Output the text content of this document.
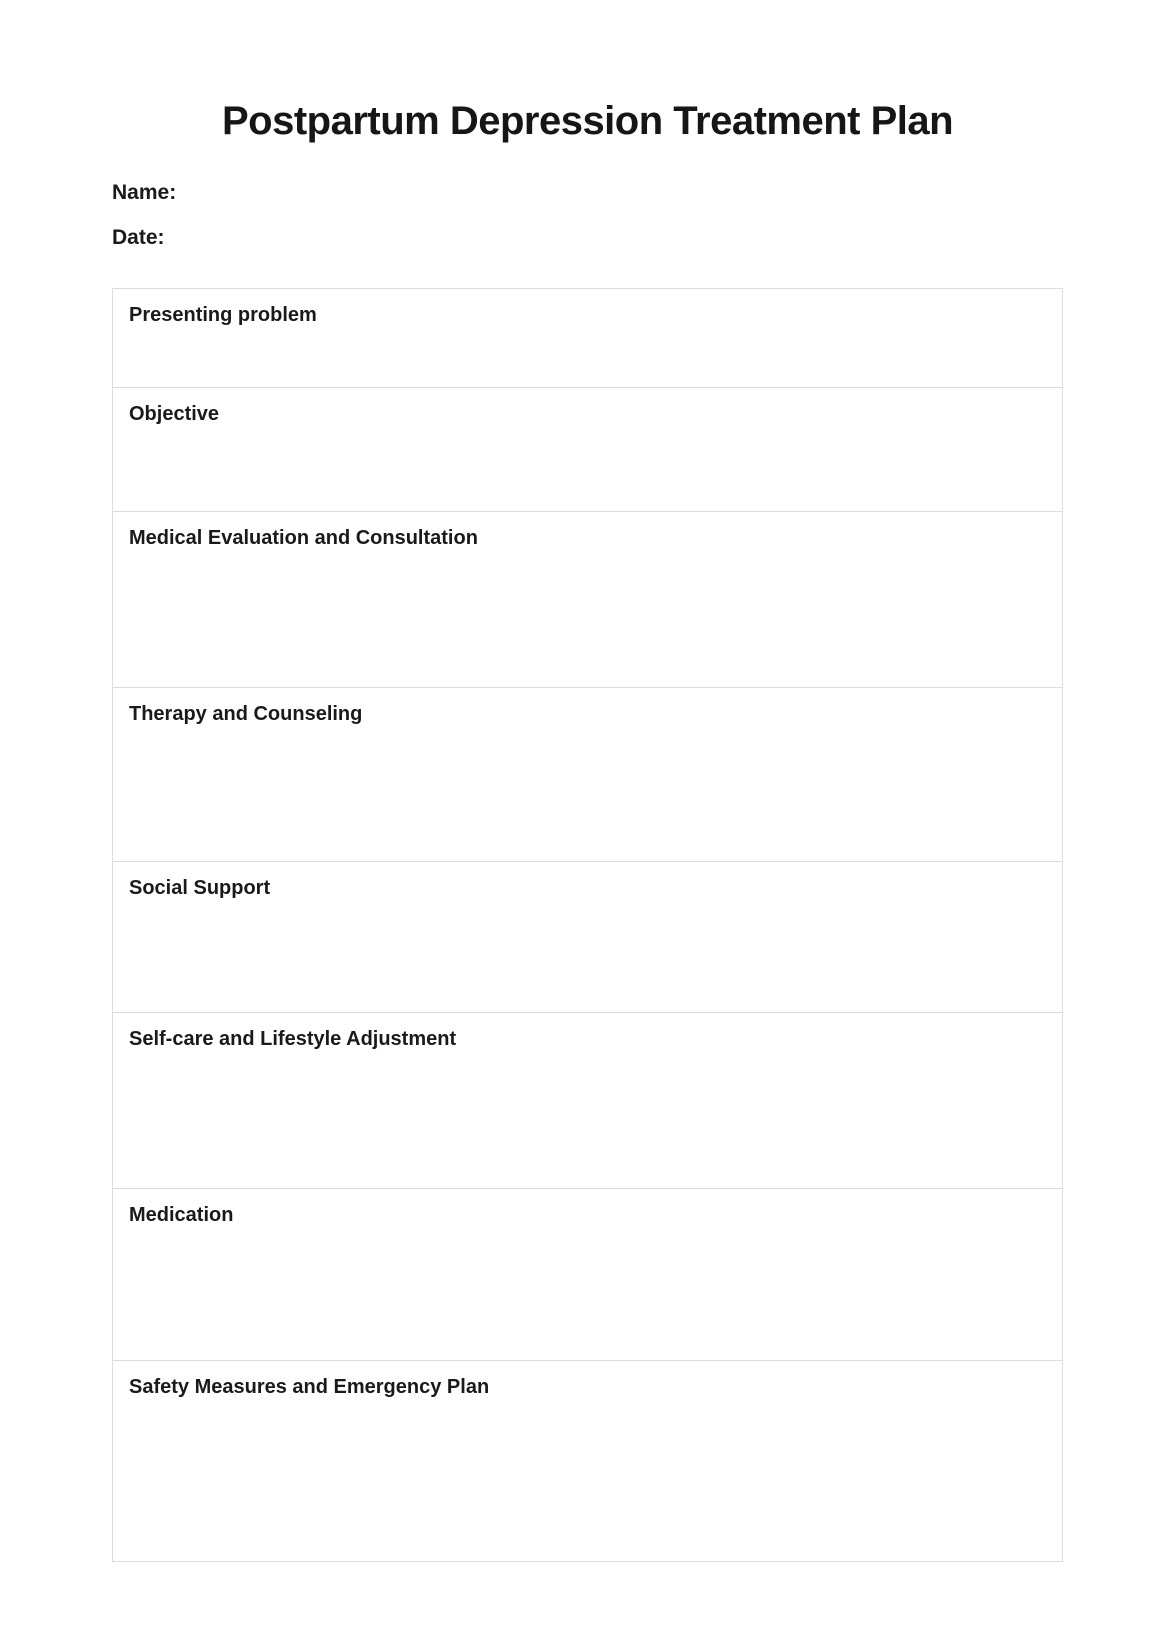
Postpartum Depression Treatment Plan
Name:
Date:
Presenting problem
Objective
Medical Evaluation and Consultation
Therapy and Counseling
Social Support
Self-care and Lifestyle Adjustment
Medication
Safety Measures and Emergency Plan
